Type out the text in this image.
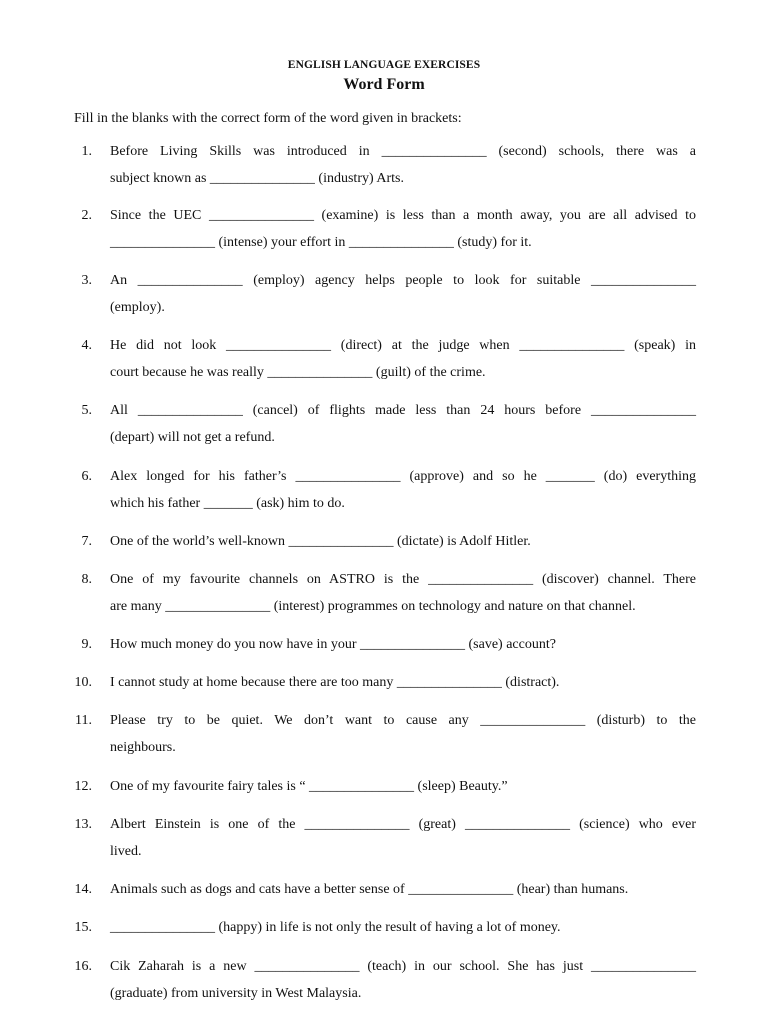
ENGLISH LANGUAGE EXERCISES
Word Form
Fill in the blanks with the correct form of the word given in brackets:
1. Before Living Skills was introduced in _______________ (second) schools, there was a
subject known as _______________ (industry) Arts.
2. Since the UEC _______________ (examine) is less than a month away, you are all advised to
_______________ (intense) your effort in _______________ (study) for it.
3. An _______________ (employ) agency helps people to look for suitable _______________
(employ).
4. He did not look _______________ (direct) at the judge when _______________ (speak) in
court because he was really _______________ (guilt) of the crime.
5. All _______________ (cancel) of flights made less than 24 hours before _______________
(depart) will not get a refund.
6. Alex longed for his father’s _______________ (approve) and so he _______ (do) everything
which his father _______ (ask) him to do.
7. One of the world’s well-known _______________ (dictate) is Adolf Hitler.
8. One of my favourite channels on ASTRO is the _______________ (discover) channel. There
are many _______________ (interest) programmes on technology and nature on that channel.
9. How much money do you now have in your _______________ (save) account?
10. I cannot study at home because there are too many _______________ (distract).
11. Please try to be quiet. We don’t want to cause any _______________ (disturb) to the
neighbours.
12. One of my favourite fairy tales is “ _______________ (sleep) Beauty.”
13. Albert Einstein is one of the _______________ (great) _______________ (science) who ever
lived.
14. Animals such as dogs and cats have a better sense of _______________ (hear) than humans.
15. _______________ (happy) in life is not only the result of having a lot of money.
16. Cik Zaharah is a new _______________ (teach) in our school. She has just _______________
(graduate) from university in West Malaysia.
